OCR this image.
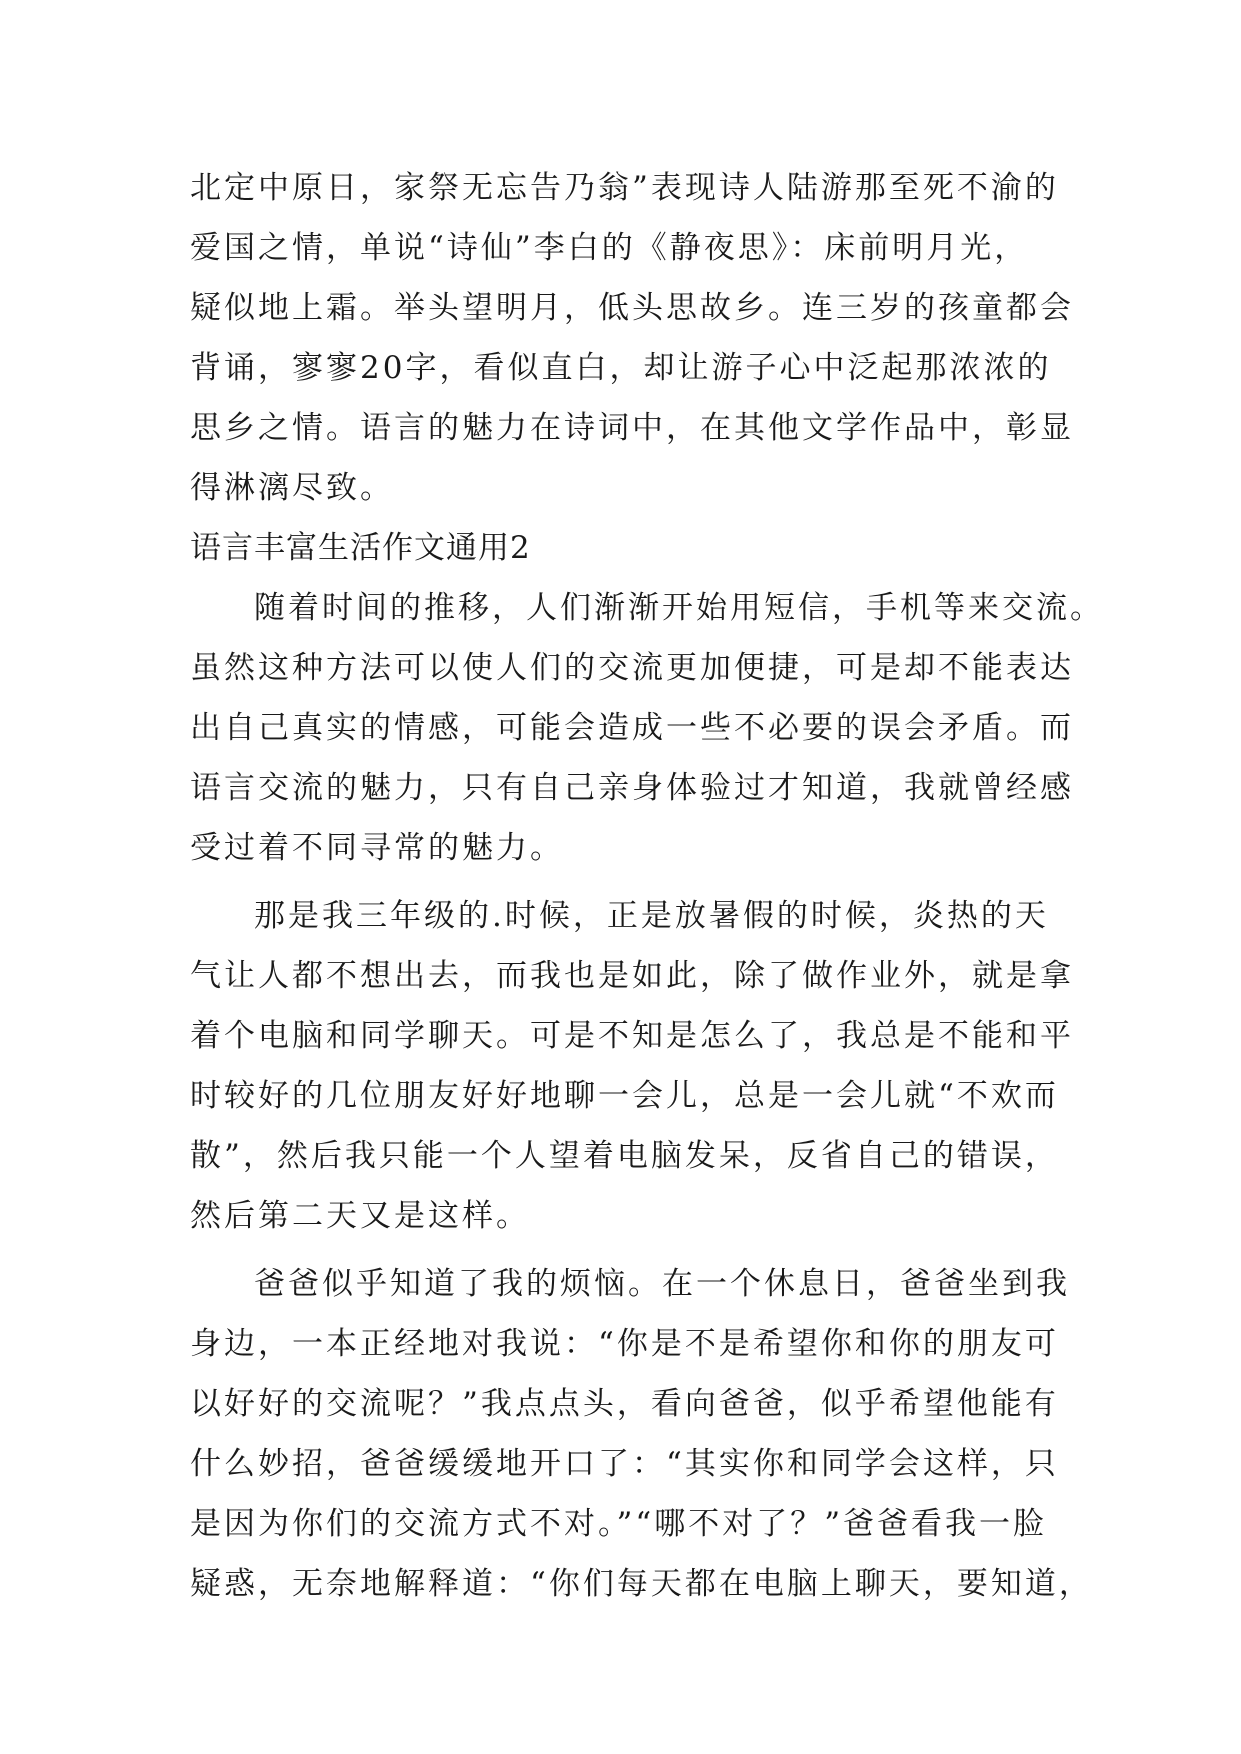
北定中原日，家祭无忘告乃翁”表现诗人陆游那至死不渝的
爱国之情，单说“诗仙”李白的《静夜思》：床前明月光，
疑似地上霜。举头望明月，低头思故乡。连三岁的孩童都会
背诵，寥寥20字，看似直白，却让游子心中泛起那浓浓的
思乡之情。语言的魅力在诗词中，在其他文学作品中，彰显
得淋漓尽致。
语言丰富生活作文通用2
随着时间的推移，人们渐渐开始用短信，手机等来交流。
虽然这种方法可以使人们的交流更加便捷，可是却不能表达
出自己真实的情感，可能会造成一些不必要的误会矛盾。而
语言交流的魅力，只有自己亲身体验过才知道，我就曾经感
受过着不同寻常的魅力。
那是我三年级的.时候，正是放暑假的时候，炎热的天
气让人都不想出去，而我也是如此，除了做作业外，就是拿
着个电脑和同学聊天。可是不知是怎么了，我总是不能和平
时较好的几位朋友好好地聊一会儿，总是一会儿就“不欢而
散”，然后我只能一个人望着电脑发呆，反省自己的错误，
然后第二天又是这样。
爸爸似乎知道了我的烦恼。在一个休息日，爸爸坐到我
身边，一本正经地对我说：“你是不是希望你和你的朋友可
以好好的交流呢？”我点点头，看向爸爸，似乎希望他能有
什么妙招，爸爸缓缓地开口了：“其实你和同学会这样，只
是因为你们的交流方式不对。”“哪不对了？”爸爸看我一脸
疑惑，无奈地解释道：“你们每天都在电脑上聊天，要知道，
